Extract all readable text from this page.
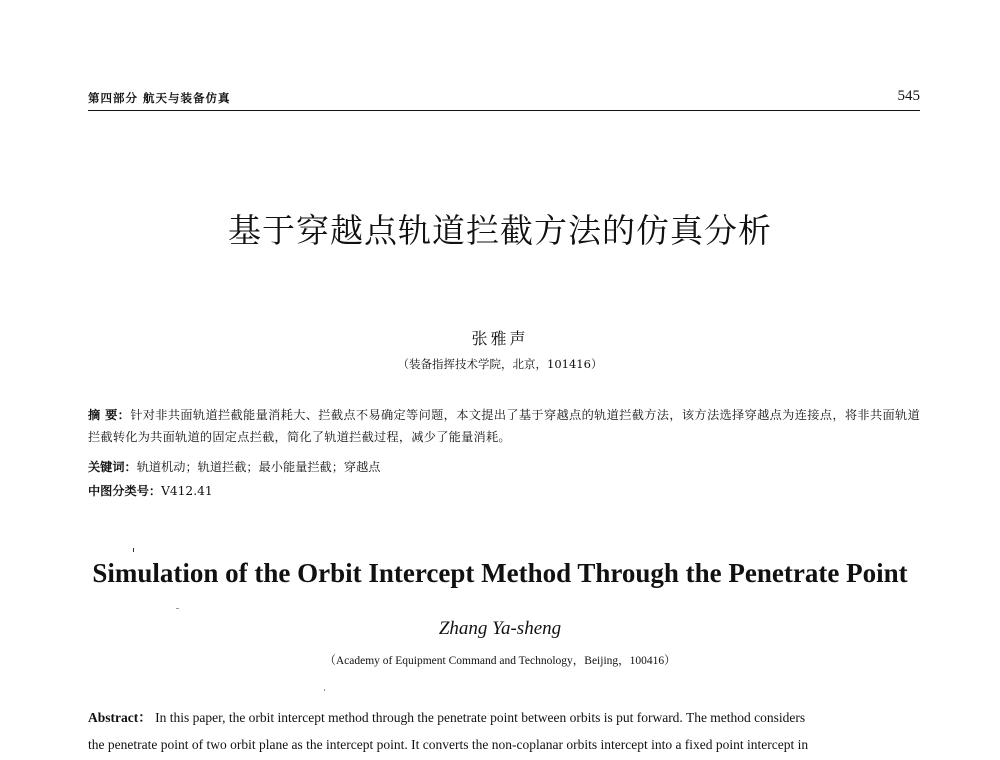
第四部分 航天与装备仿真	545
基于穿越点轨道拦截方法的仿真分析
张雅声
（装备指挥技术学院，北京，101416）
摘 要：针对非共面轨道拦截能量消耗大、拦截点不易确定等问题，本文提出了基于穿越点的轨道拦截方法，该方法选择穿越点为连接点，将非共面轨道拦截转化为共面轨道的固定点拦截，简化了轨道拦截过程，减少了能量消耗。
关键词：轨道机动；轨道拦截；最小能量拦截；穿越点
中图分类号：V412.41
Simulation of the Orbit Intercept Method Through the Penetrate Point
Zhang Ya-sheng
（Academy of Equipment Command and Technology，Beijing，100416）
Abstract： In this paper, the orbit intercept method through the penetrate point between orbits is put forward. The method considers
the penetrate point of two orbit plane as the intercept point. It converts the non-coplanar orbits intercept into a fixed point intercept in
